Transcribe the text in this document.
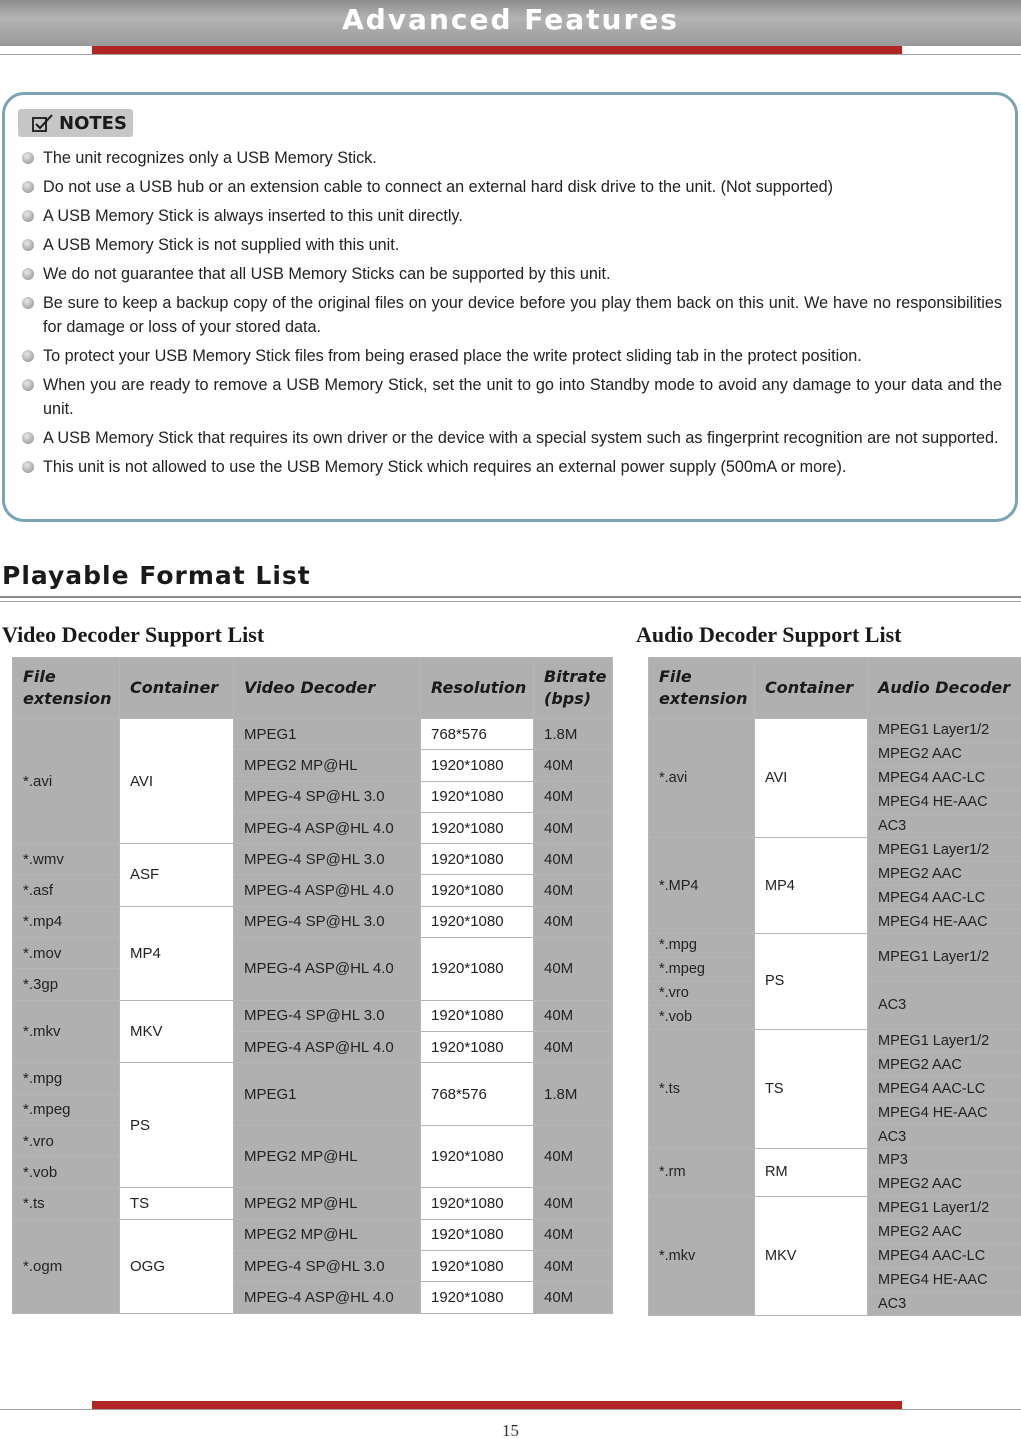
Advanced Features
NOTES
The unit recognizes only a USB Memory Stick.
Do not use a USB hub or an extension cable to connect an external hard disk drive to the unit. (Not supported)
A USB Memory Stick is always inserted to this unit directly.
A USB Memory Stick is not supplied with this unit.
We do not guarantee that all USB Memory Sticks can be supported by this unit.
Be sure to keep a backup copy of the original files on your device before you play them back on this unit. We have no responsibilities for damage or loss of your stored data.
To protect your USB Memory Stick files from being erased place the write protect sliding tab in the protect position.
When you are ready to remove a USB Memory Stick, set the unit to go into Standby mode to avoid any damage to your data and the unit.
A USB Memory Stick that requires its own driver or the device with a special system such as fingerprint recognition are not supported.
This unit is not allowed to use the USB Memory Stick which requires an external power supply (500mA or more).
Playable Format List
Video Decoder Support List	Audio Decoder Support List
File extension	Container	Video Decoder	Resolution	Bitrate (bps)
*.avi	AVI	MPEG1	768*576	1.8M
		MPEG2 MP@HL	1920*1080	40M
		MPEG-4 SP@HL 3.0	1920*1080	40M
		MPEG-4 ASP@HL 4.0	1920*1080	40M
*.wmv	ASF	MPEG-4 SP@HL 3.0	1920*1080	40M
*.asf		MPEG-4 ASP@HL 4.0	1920*1080	40M
*.mp4	MP4	MPEG-4 SP@HL 3.0	1920*1080	40M
*.mov		MPEG-4 ASP@HL 4.0	1920*1080	40M
*.3gp				
*.mkv	MKV	MPEG-4 SP@HL 3.0	1920*1080	40M
		MPEG-4 ASP@HL 4.0	1920*1080	40M
*.mpg	PS	MPEG1	768*576	1.8M
*.mpeg				
*.vro		MPEG2 MP@HL	1920*1080	40M
*.vob				
*.ts	TS	MPEG2 MP@HL	1920*1080	40M
*.ogm	OGG	MPEG2 MP@HL	1920*1080	40M
		MPEG-4 SP@HL 3.0	1920*1080	40M
		MPEG-4 ASP@HL 4.0	1920*1080	40M
File extension	Container	Audio Decoder
*.avi	AVI	MPEG1 Layer1/2
		MPEG2 AAC
		MPEG4 AAC-LC
		MPEG4 HE-AAC
		AC3
*.MP4	MP4	MPEG1 Layer1/2
		MPEG2 AAC
		MPEG4 AAC-LC
		MPEG4 HE-AAC
*.mpg	PS	MPEG1 Layer1/2
*.mpeg		
*.vro		AC3
*.vob		
*.ts	TS	MPEG1 Layer1/2
		MPEG2 AAC
		MPEG4 AAC-LC
		MPEG4 HE-AAC
		AC3
*.rm	RM	MP3
		MPEG2 AAC
*.mkv	MKV	MPEG1 Layer1/2
		MPEG2 AAC
		MPEG4 AAC-LC
		MPEG4 HE-AAC
		AC3
15
